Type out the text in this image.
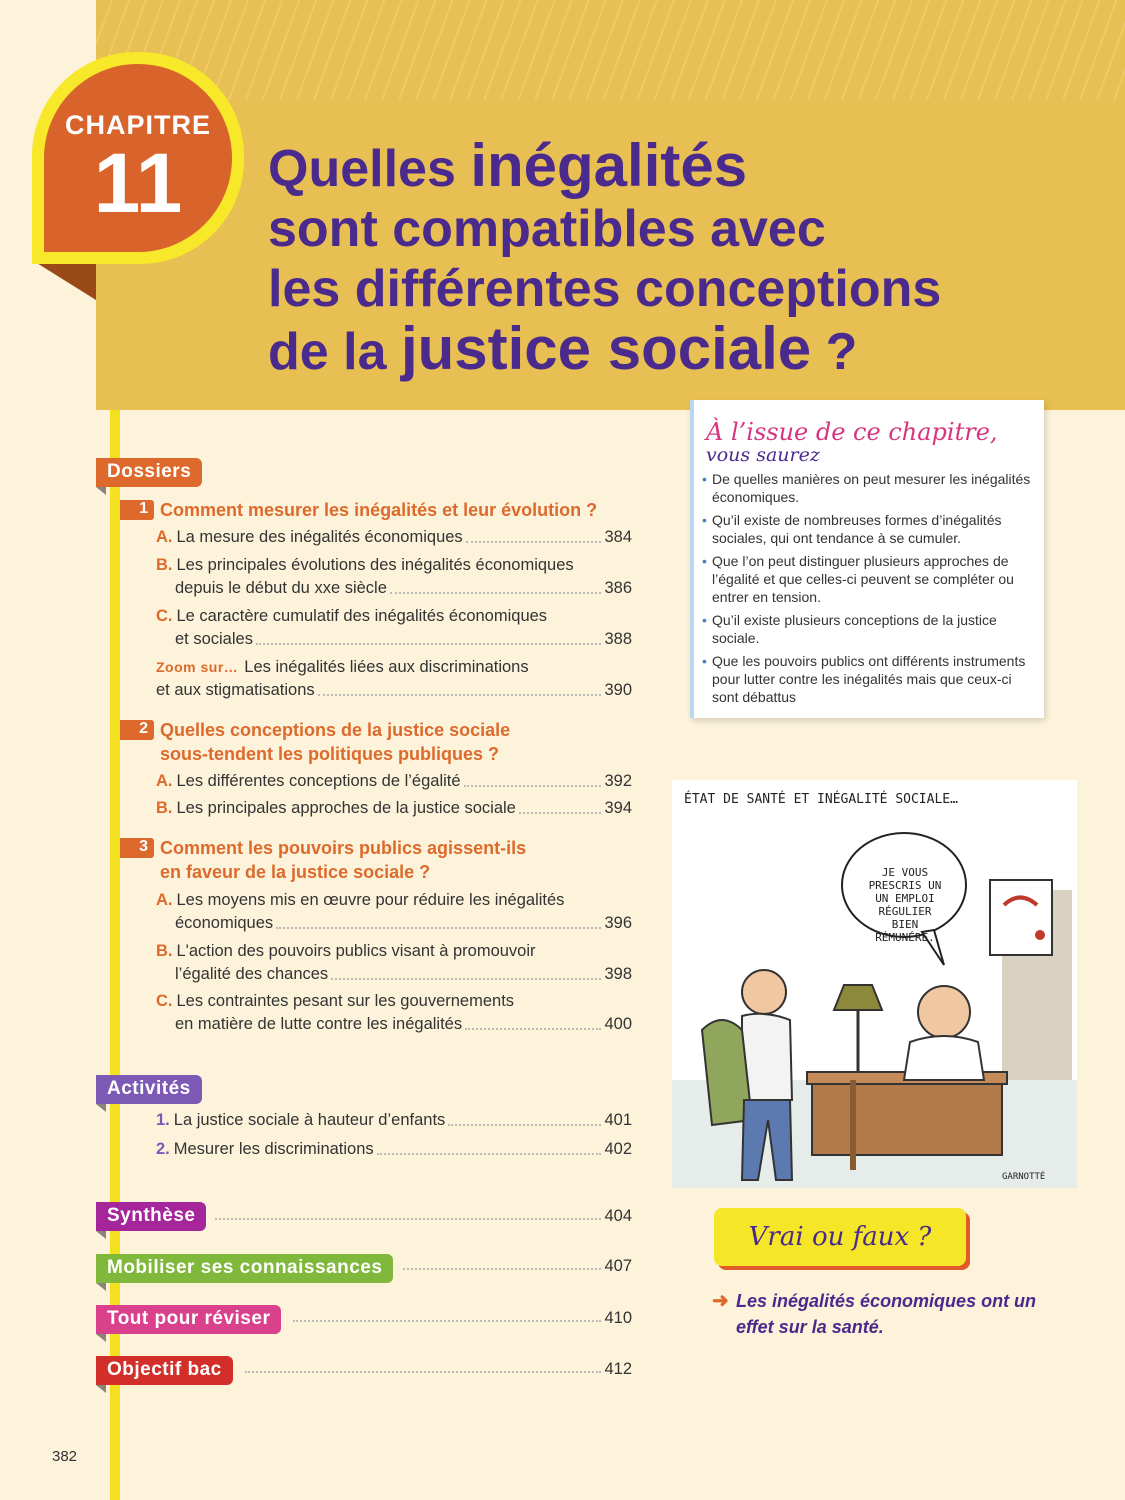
CHAPITRE
11	Quelles inégalités
sont compatibles avec
les différentes conceptions
de la justice sociale ?
Dossiers
1 Comment mesurer les inégalités et leur évolution ?
A. La mesure des inégalités économiques	384
B. Les principales évolutions des inégalités économiques
depuis le début du xxe siècle	386
C. Le caractère cumulatif des inégalités économiques
et sociales	388
Zoom sur… Les inégalités liées aux discriminations
et aux stigmatisations	390
2 Quelles conceptions de la justice sociale
sous-tendent les politiques publiques ?
A. Les différentes conceptions de l’égalité	392
B. Les principales approches de la justice sociale	394
3 Comment les pouvoirs publics agissent-ils
en faveur de la justice sociale ?
A. Les moyens mis en œuvre pour réduire les inégalités
économiques	396
B. L'action des pouvoirs publics visant à promouvoir
l’égalité des chances	398
C. Les contraintes pesant sur les gouvernements
en matière de lutte contre les inégalités	400
Activités
1. La justice sociale à hauteur d’enfants	401
2. Mesurer les discriminations	402
Synthèse	404
Mobiliser ses connaissances	407
Tout pour réviser	410
Objectif bac	412
382
À l’issue de ce chapitre,
vous saurez
• De quelles manières on peut mesurer les inégalités économiques.
• Qu’il existe de nombreuses formes d’inégalités sociales, qui ont tendance à se cumuler.
• Que l’on peut distinguer plusieurs approches de l’égalité et que celles-ci peuvent se compléter ou entrer en tension.
• Qu’il existe plusieurs conceptions de la justice sociale.
• Que les pouvoirs publics ont différents instruments pour lutter contre les inégalités mais que ceux-ci sont débattus
ÉTAT DE SANTÉ ET INÉGALITÉ SOCIALE…
JE VOUS
PRESCRIS UN
UN EMPLOI
RÉGULIER
BIEN
RÉMUNÉRÉ.
GARNOTTÉ
Vrai ou faux ?
➜ Les inégalités économiques ont un effet sur la santé.
